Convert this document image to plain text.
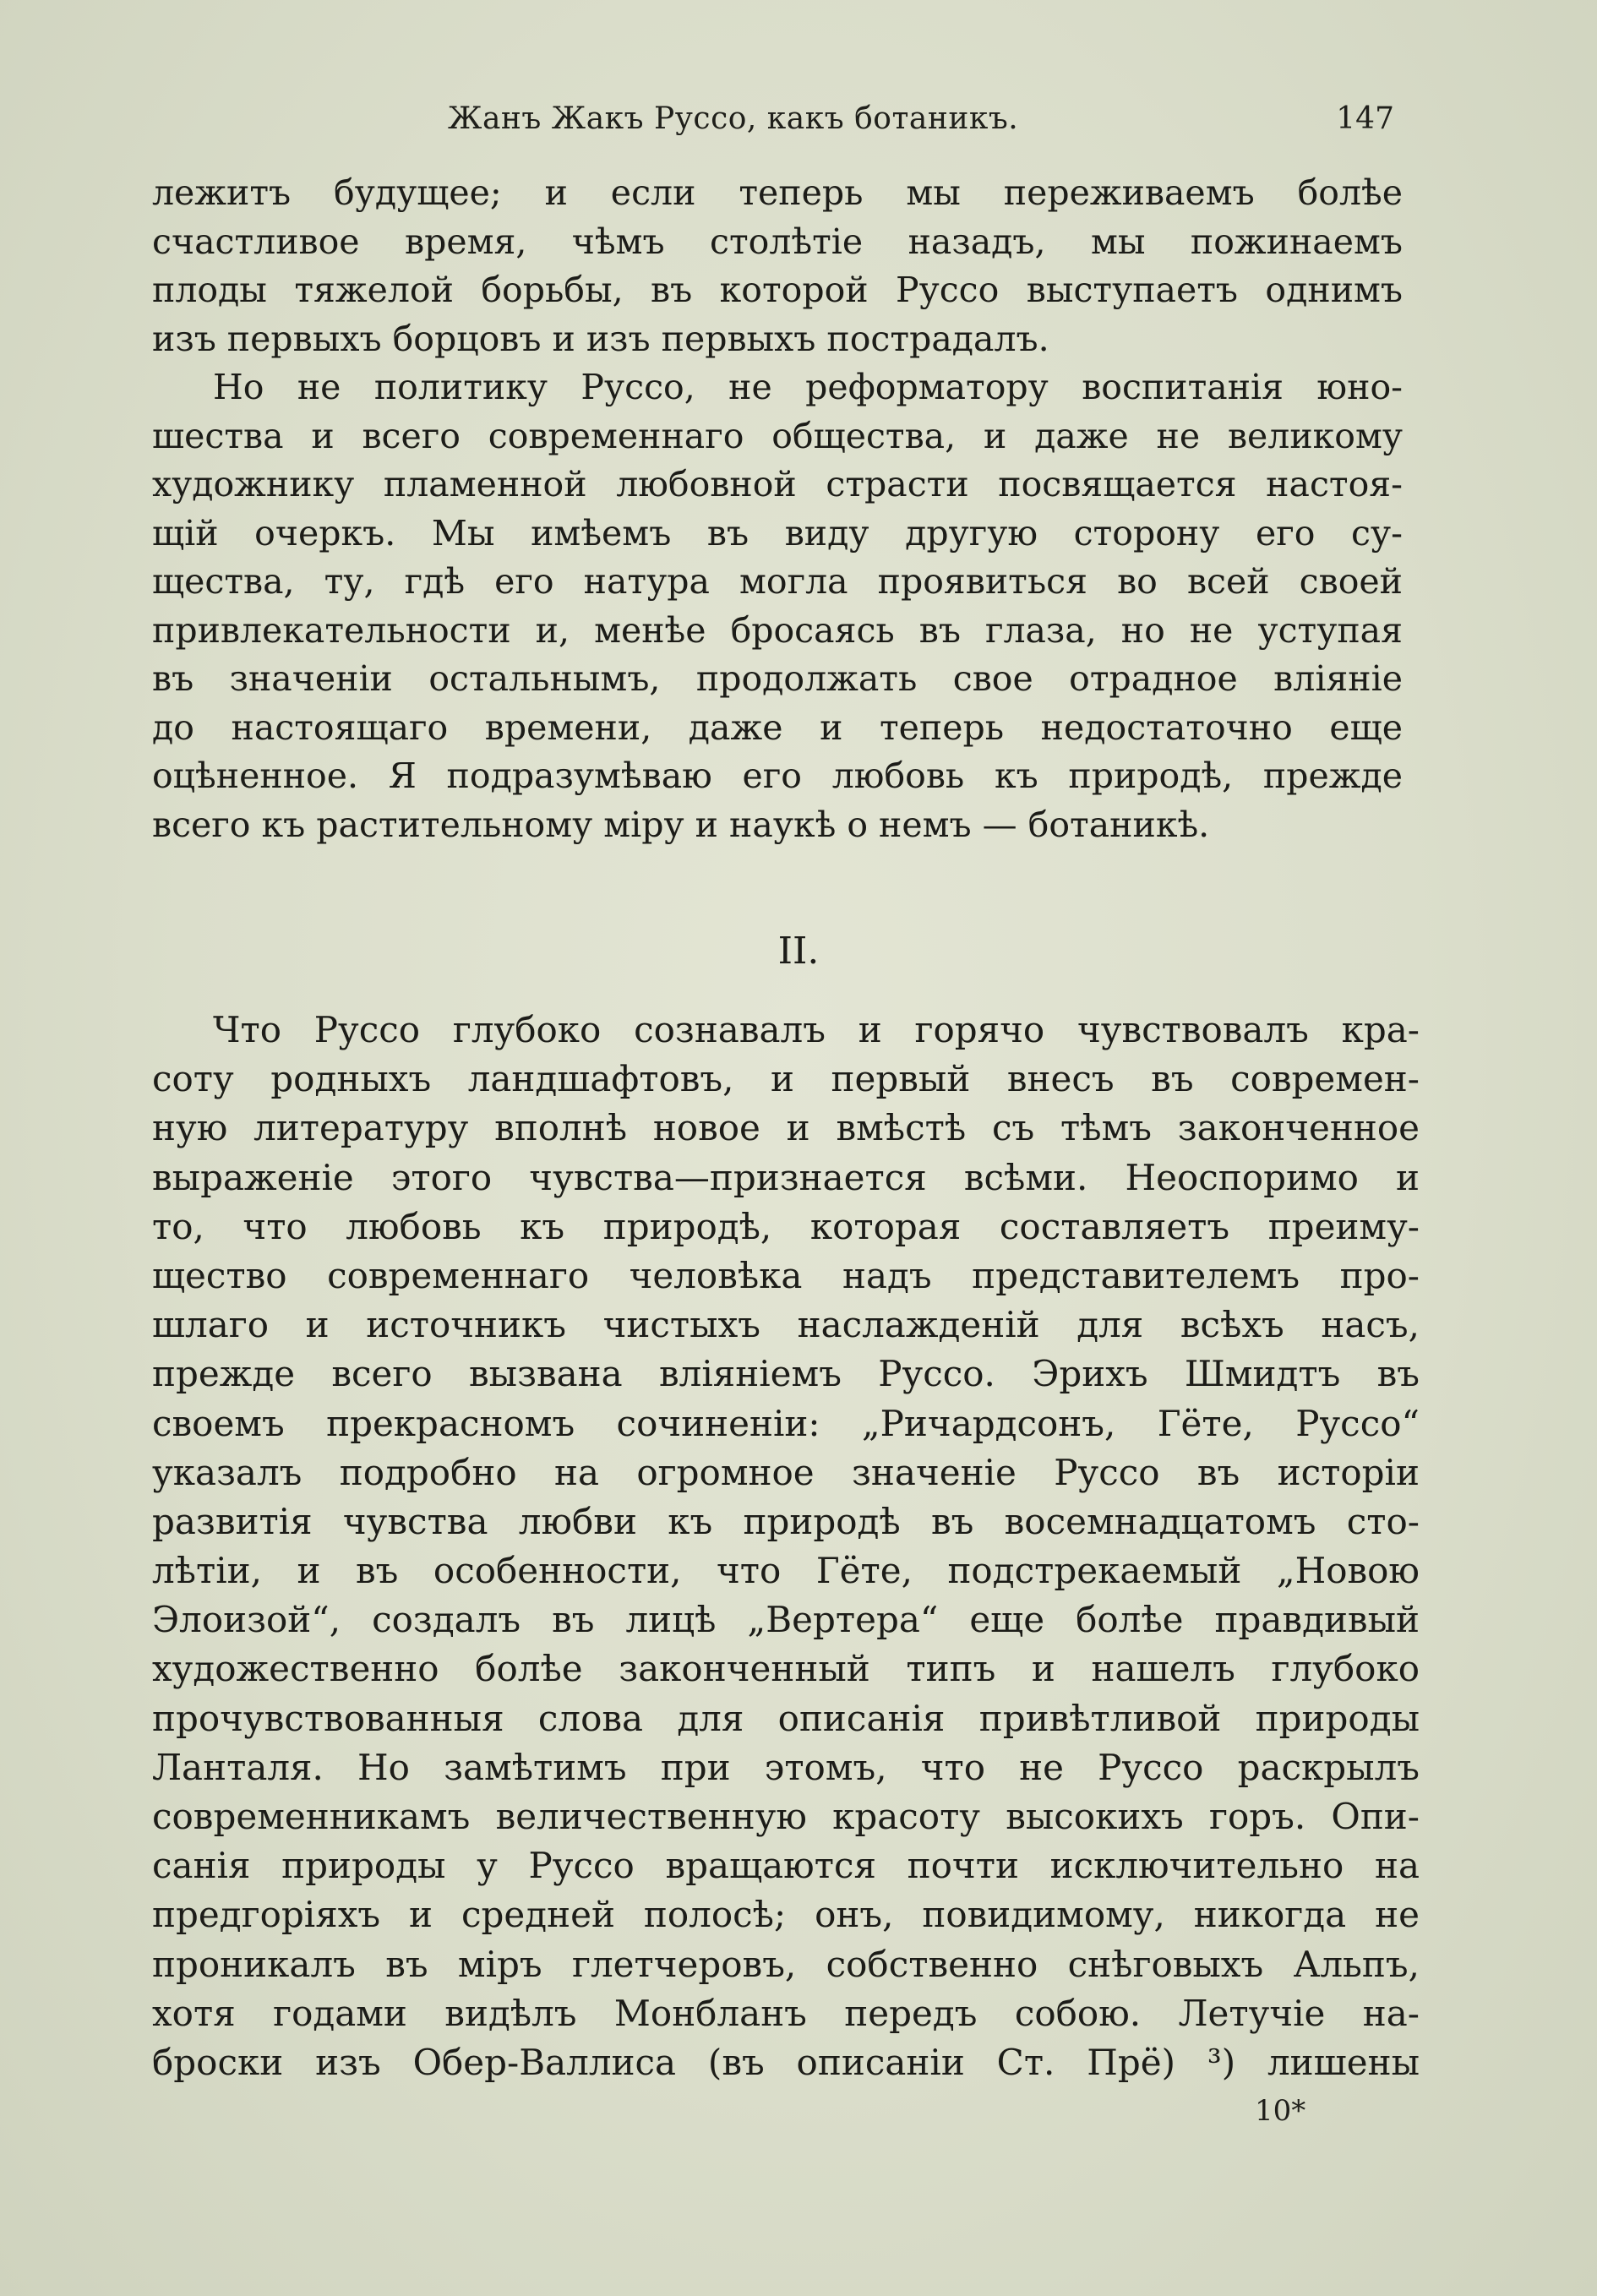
Жанъ Жакъ Руссо, какъ ботаникъ.	147
лежитъ будущее; и если теперь мы переживаемъ болѣе
счастливое время, чѣмъ столѣтіе назадъ, мы пожинаемъ
плоды тяжелой борьбы, въ которой Руссо выступаетъ однимъ
изъ первыхъ борцовъ и изъ первыхъ пострадалъ.
Но не политику Руссо, не реформатору воспитанія юно-
шества и всего современнаго общества, и даже не великому
художнику пламенной любовной страсти посвящается настоя-
щій очеркъ. Мы имѣемъ въ виду другую сторону его су-
щества, ту, гдѣ его натура могла проявиться во всей своей
привлекательности и, менѣе бросаясь въ глаза, но не уступая
въ значеніи остальнымъ, продолжать свое отрадное вліяніе
до настоящаго времени, даже и теперь недостаточно еще
оцѣненное. Я подразумѣваю его любовь къ природѣ, прежде
всего къ растительному міру и наукѣ о немъ — ботаникѣ.
II.
Что Руссо глубоко сознавалъ и горячо чувствовалъ кра-
соту родныхъ ландшафтовъ, и первый внесъ въ современ-
ную литературу вполнѣ новое и вмѣстѣ съ тѣмъ законченное
выраженіе этого чувства—признается всѣми. Неоспоримо и
то, что любовь къ природѣ, которая составляетъ преиму-
щество современнаго человѣка надъ представителемъ про-
шлаго и источникъ чистыхъ наслажденій для всѣхъ насъ,
прежде всего вызвана вліяніемъ Руссо. Эрихъ Шмидтъ въ
своемъ прекрасномъ сочиненіи: „Ричардсонъ, Гёте, Руссо“
указалъ подробно на огромное значеніе Руссо въ исторіи
развитія чувства любви къ природѣ въ восемнадцатомъ сто-
лѣтіи, и въ особенности, что Гёте, подстрекаемый „Новою
Элоизой“, создалъ въ лицѣ „Вертера“ еще болѣе правдивый
художественно болѣе законченный типъ и нашелъ глубоко
прочувствованныя слова для описанія привѣтливой природы
Ланталя. Но замѣтимъ при этомъ, что не Руссо раскрылъ
современникамъ величественную красоту высокихъ горъ. Опи-
санія природы у Руссо вращаются почти исключительно на
предгоріяхъ и средней полосѣ; онъ, повидимому, никогда не
проникалъ въ міръ глетчеровъ, собственно снѣговыхъ Альпъ,
хотя годами видѣлъ Монбланъ передъ собою. Летучіе на-
броски изъ Обер-Валлиса (въ описаніи Ст. Прё) ³) лишены
10*
